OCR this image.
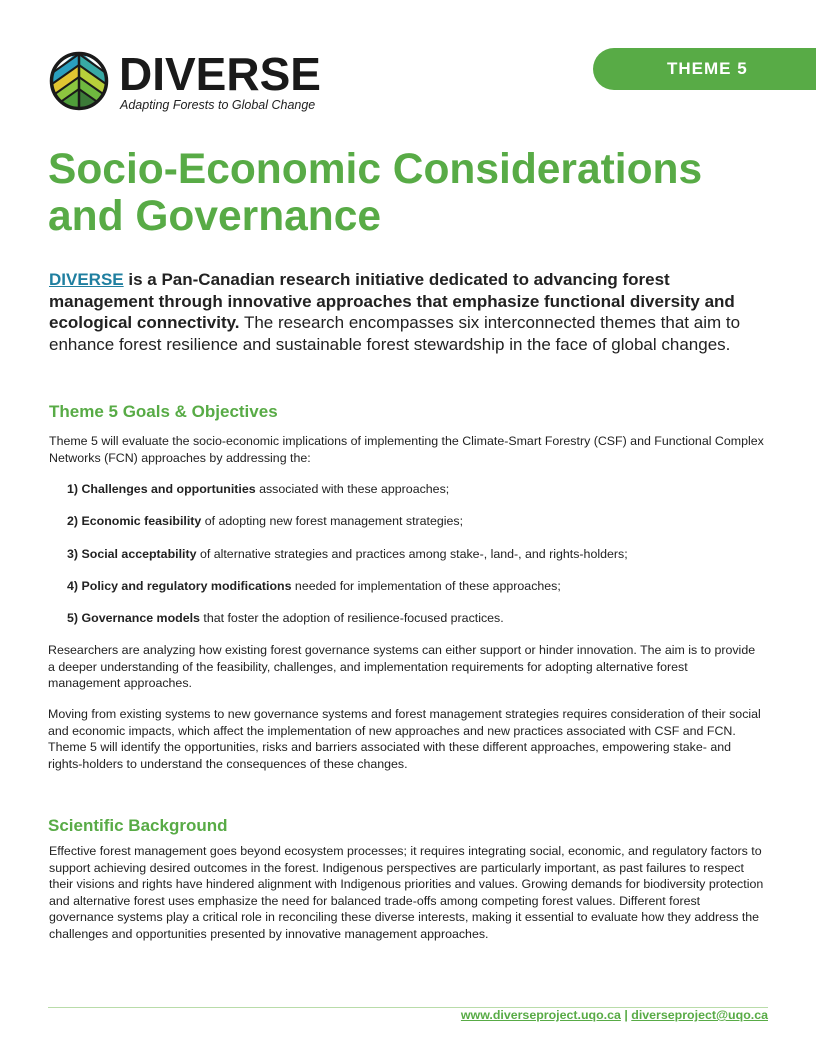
DIVERSE
Adapting Forests to Global Change
THEME 5
Socio-Economic Considerations
and Governance

DIVERSE is a Pan-Canadian research initiative dedicated to advancing forest management through innovative approaches that emphasize functional diversity and ecological connectivity. The research encompasses six interconnected themes that aim to enhance forest resilience and sustainable forest stewardship in the face of global changes.

Theme 5 Goals & Objectives

Theme 5 will evaluate the socio-economic implications of implementing the Climate-Smart Forestry (CSF) and Functional Complex Networks (FCN) approaches by addressing the:

1) Challenges and opportunities associated with these approaches;
2) Economic feasibility of adopting new forest management strategies;
3) Social acceptability of alternative strategies and practices among stake-, land-, and rights-holders;
4) Policy and regulatory modifications needed for implementation of these approaches;
5) Governance models that foster the adoption of resilience-focused practices.

Researchers are analyzing how existing forest governance systems can either support or hinder innovation. The aim is to provide a deeper understanding of the feasibility, challenges, and implementation requirements for adopting alternative forest management approaches.

Moving from existing systems to new governance systems and forest management strategies requires consideration of their social and economic impacts, which affect the implementation of new approaches and new practices associated with CSF and FCN. Theme 5 will identify the opportunities, risks and barriers associated with these different approaches, empowering stake- and rights-holders to understand the consequences of these changes.

Scientific Background

Effective forest management goes beyond ecosystem processes; it requires integrating social, economic, and regulatory factors to support achieving desired outcomes in the forest. Indigenous perspectives are particularly important, as past failures to respect their visions and rights have hindered alignment with Indigenous priorities and values. Growing demands for biodiversity protection and alternative forest uses emphasize the need for balanced trade-offs among competing forest values. Different forest governance systems play a critical role in reconciling these diverse interests, making it essential to evaluate how they address the challenges and opportunities presented by innovative management approaches.

www.diverseproject.uqo.ca | diverseproject@uqo.ca
